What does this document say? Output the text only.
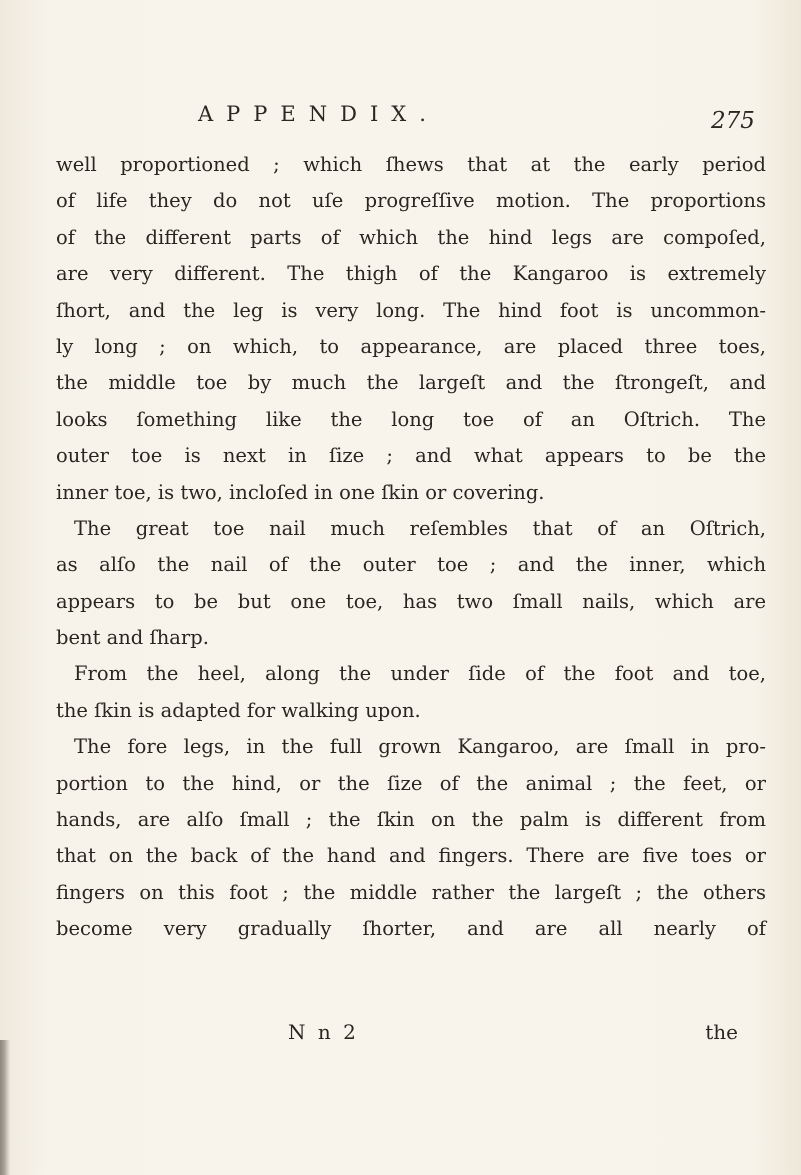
APPENDIX.	275
well proportioned ; which ſhews that at the early period
of life they do not uſe progreſſive motion. The proportions
of the different parts of which the hind legs are compoſed,
are very different. The thigh of the Kangaroo is extremely
ſhort, and the leg is very long. The hind foot is uncommon-
ly long ; on which, to appearance, are placed three toes,
the middle toe by much the largeſt and the ſtrongeſt, and
looks ſomething like the long toe of an Oſtrich. The
outer toe is next in ſize ; and what appears to be the
inner toe, is two, incloſed in one ſkin or covering.
The great toe nail much reſembles that of an Oſtrich,
as alſo the nail of the outer toe ; and the inner, which
appears to be but one toe, has two ſmall nails, which are
bent and ſharp.
From the heel, along the under ſide of the foot and toe,
the ſkin is adapted for walking upon.
The fore legs, in the full grown Kangaroo, are ſmall in pro-
portion to the hind, or the ſize of the animal ; the feet, or
hands, are alſo ſmall ; the ſkin on the palm is different from
that on the back of the hand and fingers. There are five toes or
fingers on this foot ; the middle rather the largeſt ; the others
become very gradually ſhorter, and are all nearly of
N n 2	the
